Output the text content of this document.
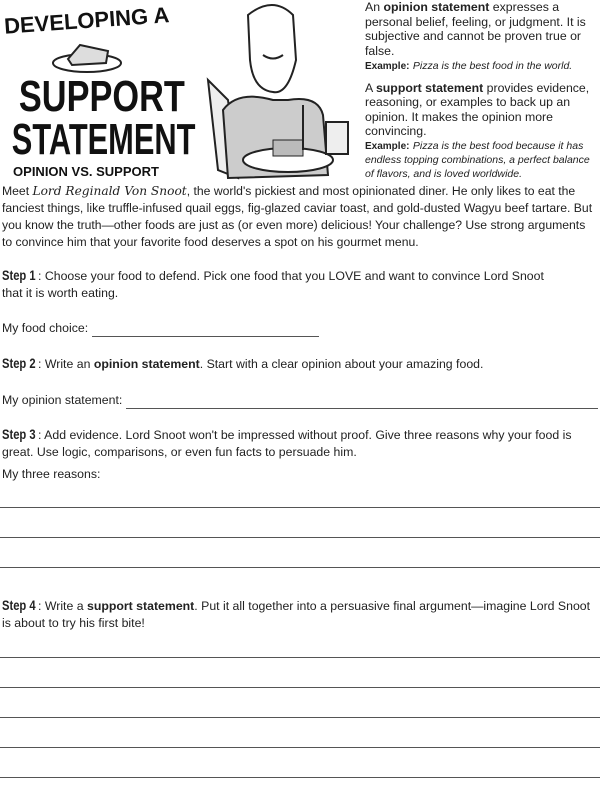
DEVELOPING A
SUPPORT
STATEMENT
OPINION VS. SUPPORT
An opinion statement expresses a personal belief, feeling, or judgment. It is subjective and cannot be proven true or false.
Example: Pizza is the best food in the world.
A support statement provides evidence, reasoning, or examples to back up an opinion. It makes the opinion more convincing.
Example: Pizza is the best food because it has endless topping combinations, a perfect balance of flavors, and is loved worldwide.
Meet Lord Reginald Von Snoot, the world's pickiest and most opinionated diner. He only likes to eat the fanciest things, like truffle-infused quail eggs, fig-glazed caviar toast, and gold-dusted Wagyu beef tartare. But you know the truth—other foods are just as (or even more) delicious! Your challenge? Use strong arguments to convince him that your favorite food deserves a spot on his gourmet menu.
Step 1 : Choose your food to defend. Pick one food that you LOVE and want to convince Lord Snoot that it is worth eating.
My food choice:
Step 2 : Write an opinion statement. Start with a clear opinion about your amazing food.
My opinion statement:
Step 3 : Add evidence. Lord Snoot won't be impressed without proof. Give three reasons why your food is great. Use logic, comparisons, or even fun facts to persuade him.
My three reasons:
Step 4 : Write a support statement. Put it all together into a persuasive final argument—imagine Lord Snoot is about to try his first bite!
